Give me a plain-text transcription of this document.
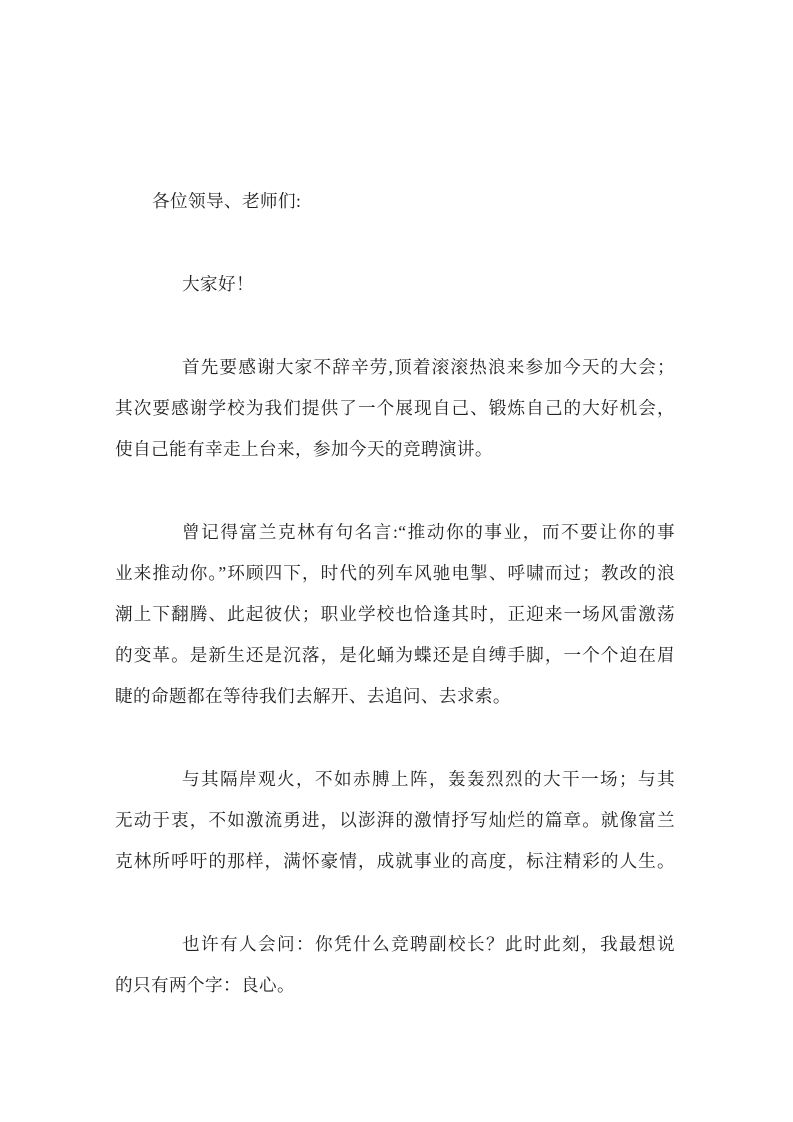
各位领导、老师们:

大家好！

首先要感谢大家不辞辛劳,顶着滚滚热浪来参加今天的大会；

其次要感谢学校为我们提供了一个展现自己、锻炼自己的大好机会，

使自己能有幸走上台来，参加今天的竞聘演讲。

曾记得富兰克林有句名言:“推动你的事业，而不要让你的事

业来推动你。”环顾四下，时代的列车风驰电掣、呼啸而过；教改的浪

潮上下翻腾、此起彼伏；职业学校也恰逢其时，正迎来一场风雷激荡

的变革。是新生还是沉落，是化蛹为蝶还是自缚手脚，一个个迫在眉

睫的命题都在等待我们去解开、去追问、去求索。

与其隔岸观火，不如赤膊上阵，轰轰烈烈的大干一场；与其

无动于衷，不如激流勇进，以澎湃的激情抒写灿烂的篇章。就像富兰

克林所呼吁的那样，满怀豪情，成就事业的高度，标注精彩的人生。

也许有人会问：你凭什么竞聘副校长？此时此刻，我最想说

的只有两个字：良心。
